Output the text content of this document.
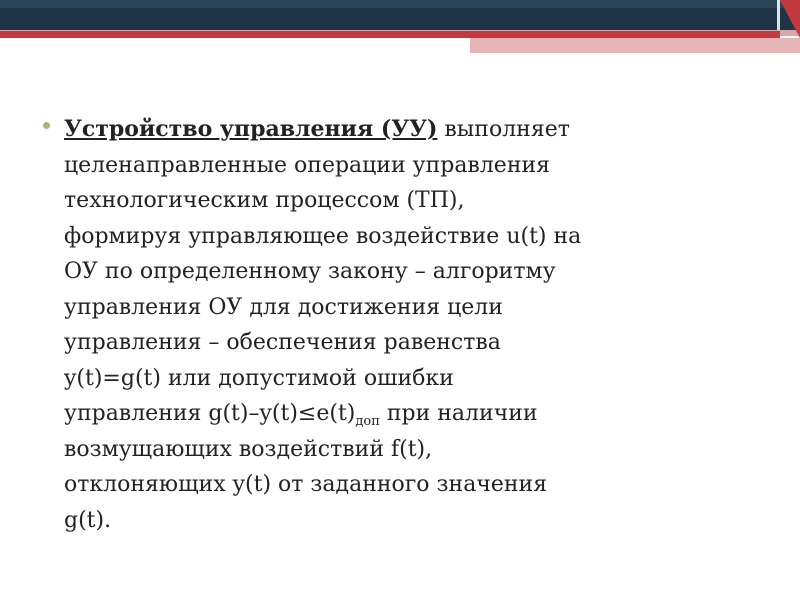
Устройство управления (УУ) выполняет
целенаправленные операции управления
технологическим процессом (ТП),
формируя управляющее воздействие u(t) на
ОУ по определенному закону – алгоритму
управления ОУ для достижения цели
управления – обеспечения равенства
y(t)=g(t) или допустимой ошибки
управления $g(t)-y(t)\le e(t)_{доп}$ при наличии
возмущающих воздействий f(t),
отклоняющих y(t) от заданного значения
g(t).
